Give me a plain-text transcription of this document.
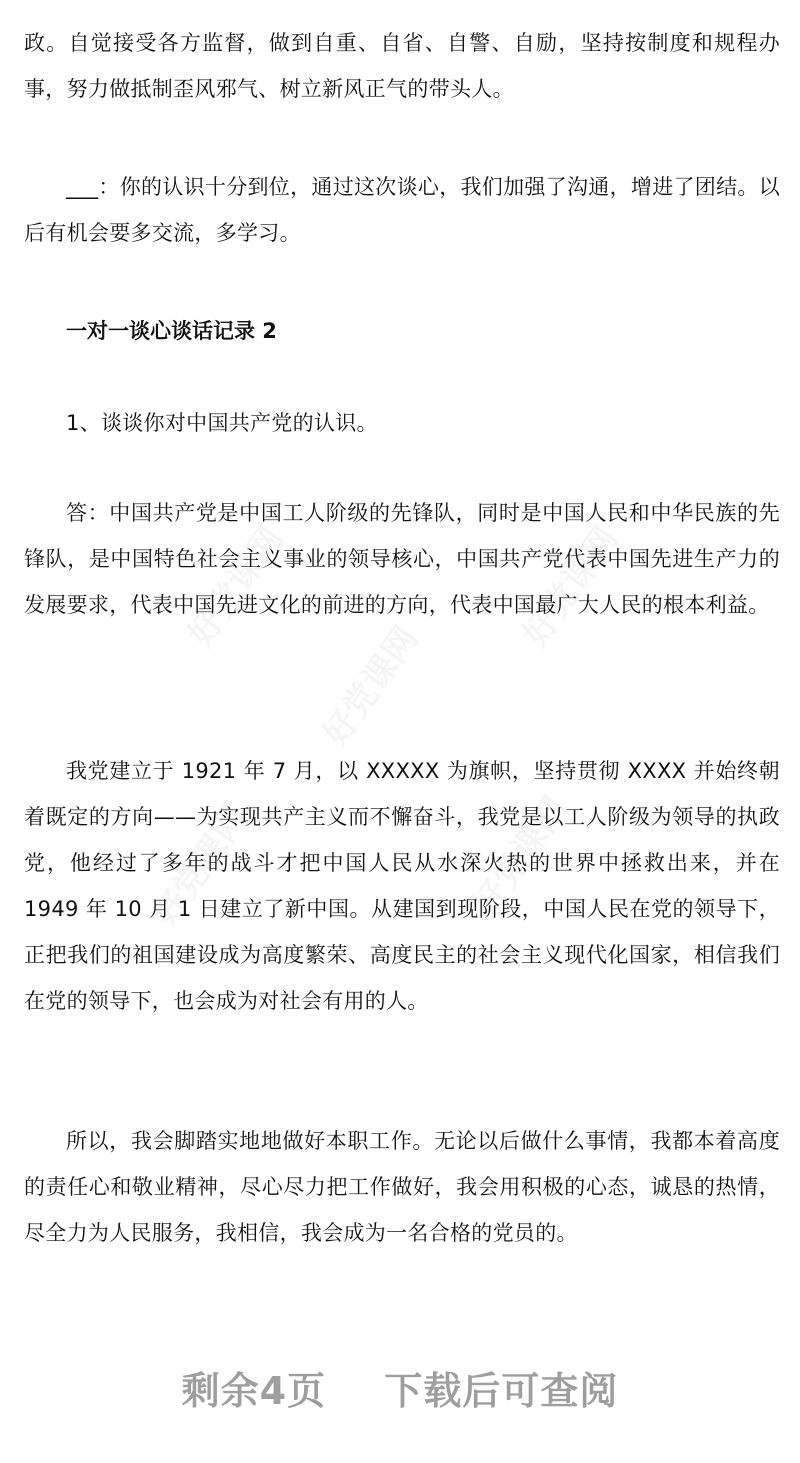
政。自觉接受各方监督，做到自重、自省、自警、自励，坚持按制度和规程办事，努力做抵制歪风邪气、树立新风正气的带头人。

___：你的认识十分到位，通过这次谈心，我们加强了沟通，增进了团结。以后有机会要多交流，多学习。

一对一谈心谈话记录 2

1、谈谈你对中国共产党的认识。

答：中国共产党是中国工人阶级的先锋队，同时是中国人民和中华民族的先锋队，是中国特色社会主义事业的领导核心，中国共产党代表中国先进生产力的发展要求，代表中国先进文化的前进的方向，代表中国最广大人民的根本利益。

我党建立于 1921 年 7 月，以 XXXXX 为旗帜，坚持贯彻 XXXX 并始终朝着既定的方向——为实现共产主义而不懈奋斗，我党是以工人阶级为领导的执政党，他经过了多年的战斗才把中国人民从水深火热的世界中拯救出来，并在 1949 年 10 月 1 日建立了新中国。从建国到现阶段，中国人民在党的领导下，正把我们的祖国建设成为高度繁荣、高度民主的社会主义现代化国家，相信我们在党的领导下，也会成为对社会有用的人。

所以，我会脚踏实地地做好本职工作。无论以后做什么事情，我都本着高度的责任心和敬业精神，尽心尽力把工作做好，我会用积极的心态，诚恳的热情，尽全力为人民服务，我相信，我会成为一名合格的党员的。

剩余4页 下载后可查阅
